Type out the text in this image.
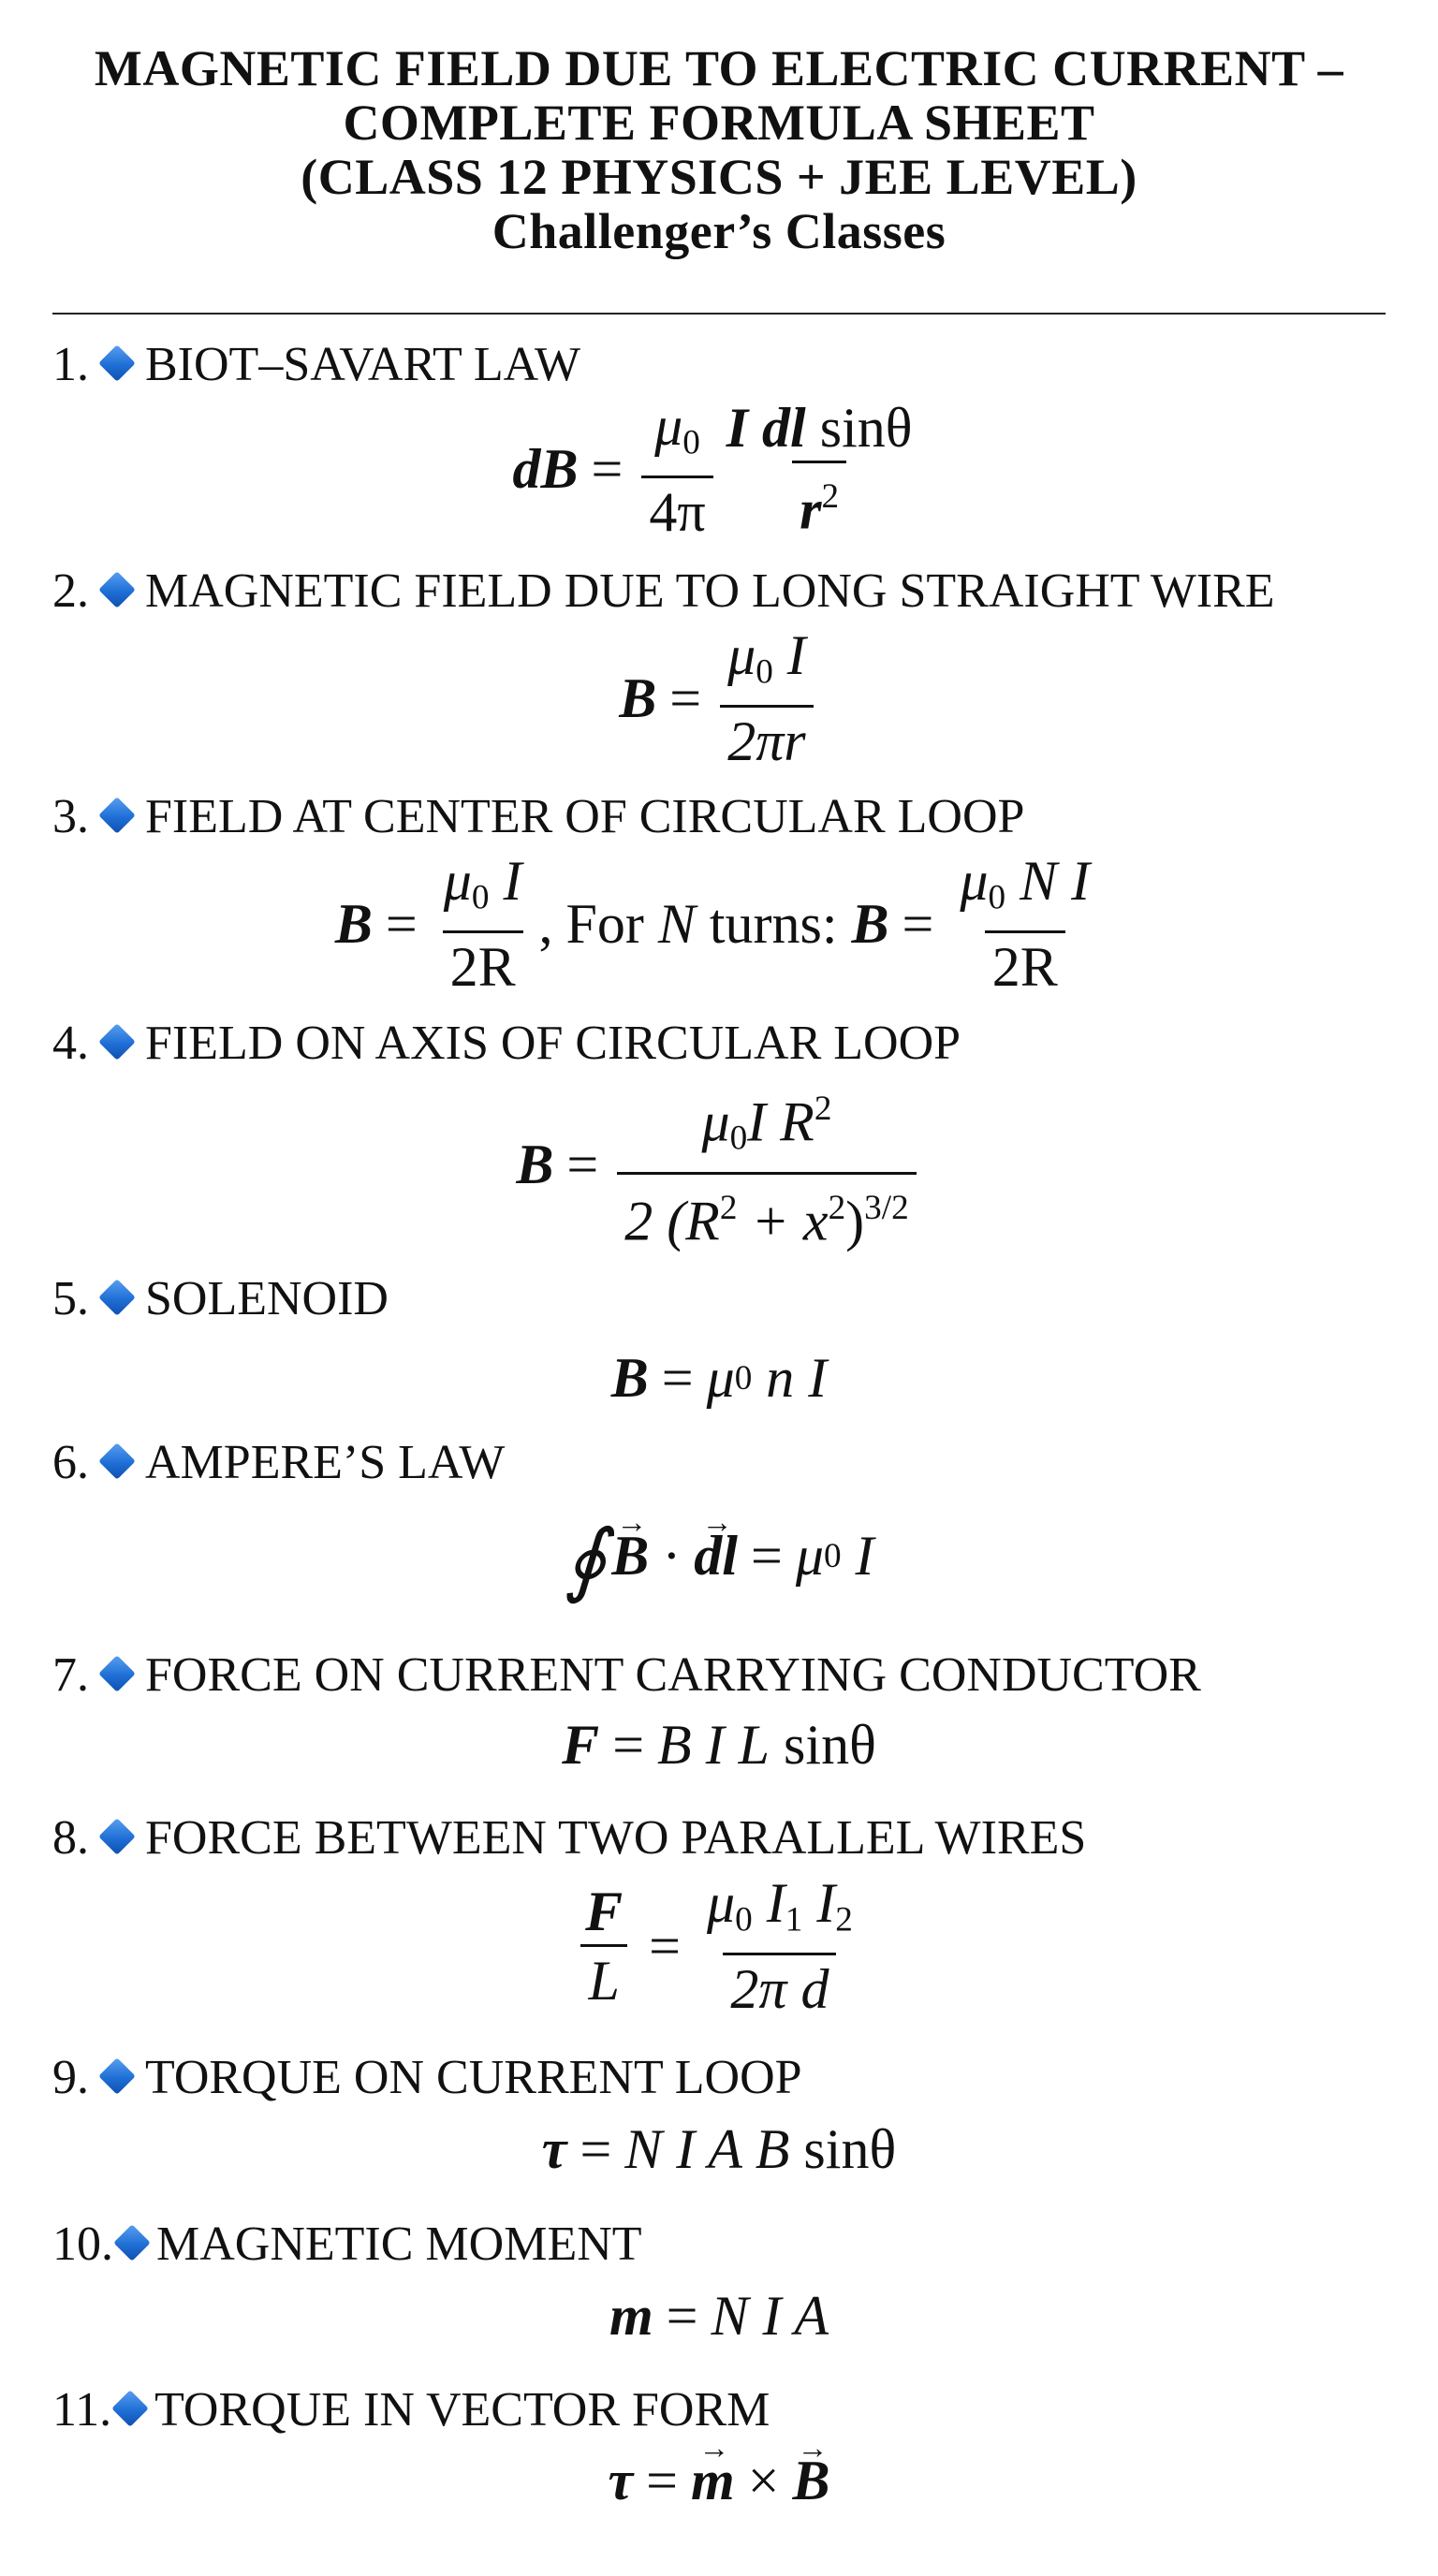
MAGNETIC FIELD DUE TO ELECTRIC CURRENT –
COMPLETE FORMULA SHEET
(CLASS 12 PHYSICS + JEE LEVEL)
Challenger’s Classes
1. BIOT–SAVART LAW
dB = $\frac{\mu_0}{4\pi} \frac{\text{I dl sinθ}}{r^2}$
2. MAGNETIC FIELD DUE TO LONG STRAIGHT WIRE
$B = \frac{\mu_0 I}{2\pi r}$
3. FIELD AT CENTER OF CIRCULAR LOOP
$B = \frac{\mu_0 I}{2R}$ , For
N
turns:
$B = \frac{\mu_0 N I}{2R}$
4. FIELD ON AXIS OF CIRCULAR LOOP
$B = \frac{\mu_0I R^2}{2 (R^2 + x^2)^{3/2}}$
5. SOLENOID
B = μ 0
n I
6. AMPERE’S LAW
∮ B → · dl → = μ 0
I
7. FORCE ON CURRENT CARRYING CONDUCTOR
F = B I L
sinθ
8. FORCE BETWEEN TWO PARALLEL WIRES
$\frac{F}{L} = \frac{\mu_0 I_1 I_2}{\text{2π d}}$
9. TORQUE ON CURRENT LOOP
τ = N I A B
sinθ
10. MAGNETIC MOMENT
m = N I A
11. TORQUE IN VECTOR FORM
τ = m → × B →
